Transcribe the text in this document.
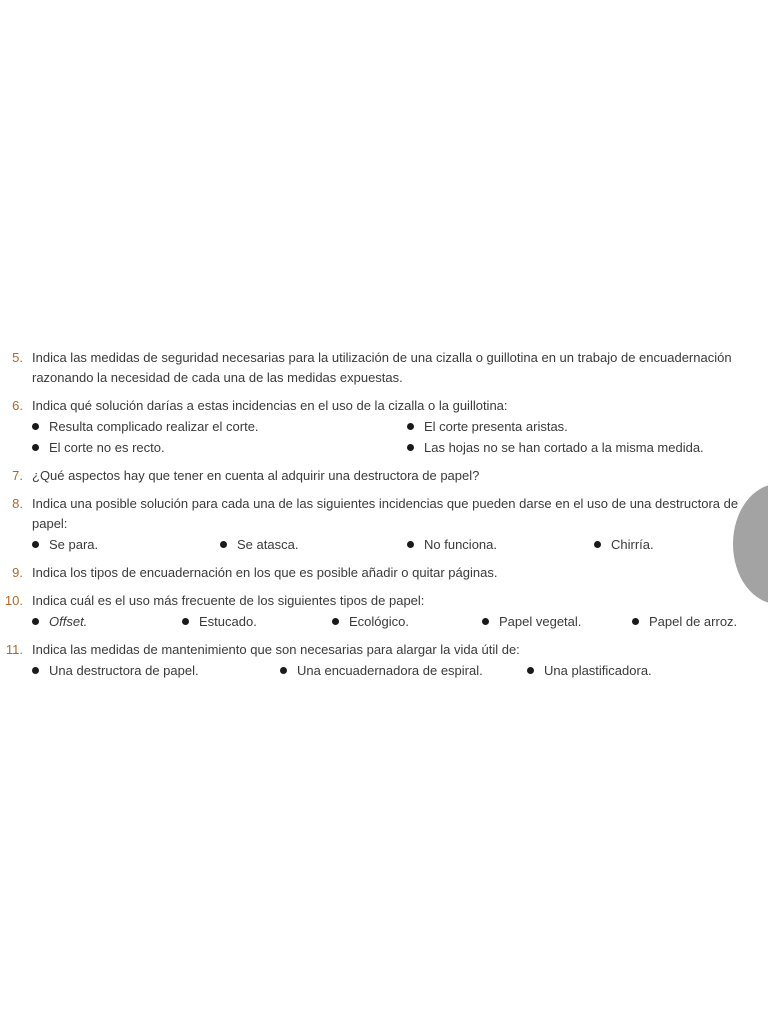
5. Indica las medidas de seguridad necesarias para la utilización de una cizalla o guillotina en un trabajo de encuadernación razonando la necesidad de cada una de las medidas expuestas.
6. Indica qué solución darías a estas incidencias en el uso de la cizalla o la guillotina:
Resulta complicado realizar el corte.	El corte presenta aristas.
El corte no es recto.	Las hojas no se han cortado a la misma medida.
7. ¿Qué aspectos hay que tener en cuenta al adquirir una destructora de papel?
8. Indica una posible solución para cada una de las siguientes incidencias que pueden darse en el uso de una destructora de papel:
Se para.	Se atasca.	No funciona.	Chirría.
9. Indica los tipos de encuadernación en los que es posible añadir o quitar páginas.
10. Indica cuál es el uso más frecuente de los siguientes tipos de papel:
Offset.	Estucado.	Ecológico.	Papel vegetal.	Papel de arroz.
11. Indica las medidas de mantenimiento que son necesarias para alargar la vida útil de:
Una destructora de papel.	Una encuadernadora de espiral.	Una plastificadora.
